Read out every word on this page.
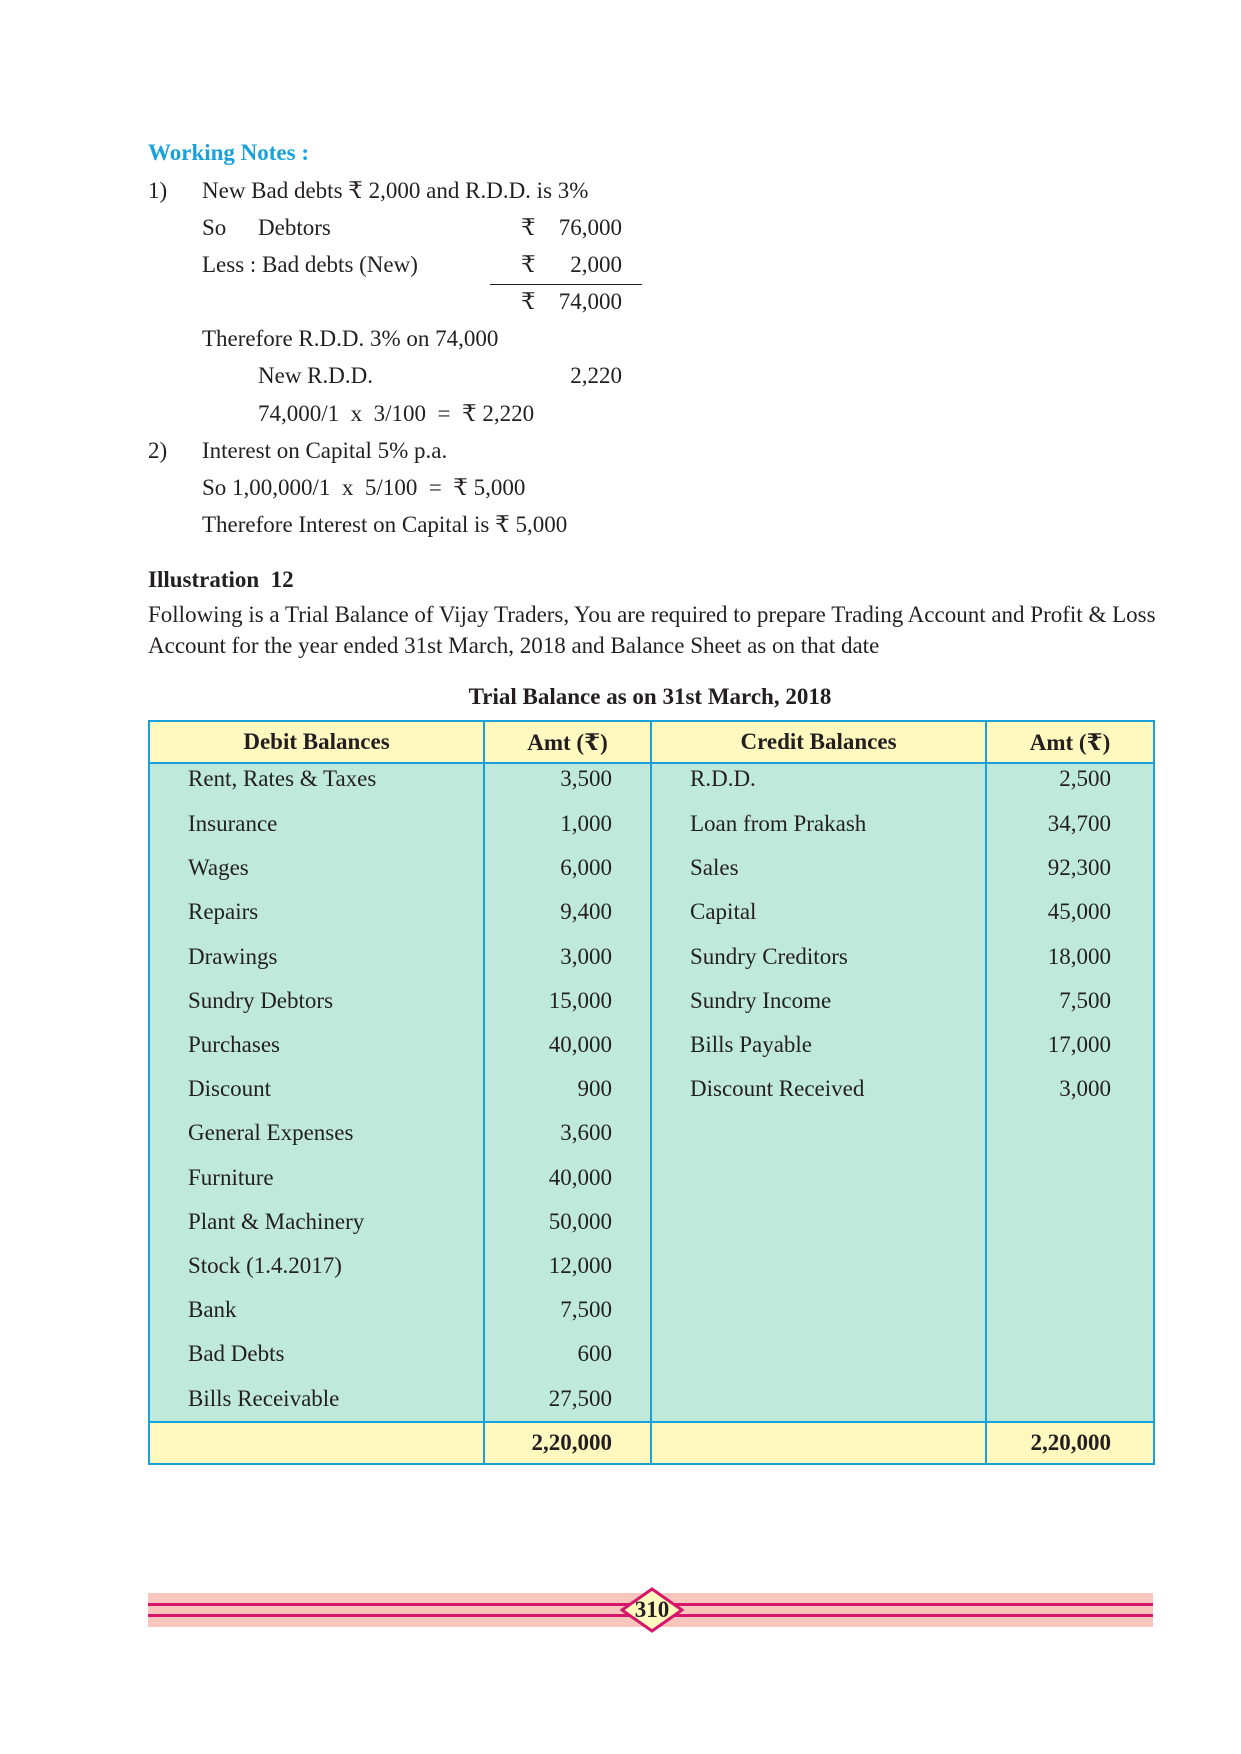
Working Notes :
1) New Bad debts ₹ 2,000 and R.D.D. is 3%
So Debtors	₹	76,000
Less : Bad debts (New)	₹	2,000
₹	74,000
Therefore R.D.D. 3% on 74,000
New R.D.D.	2,220
74,000/1  x  3/100  =  ₹ 2,220
2) Interest on Capital 5% p.a.
So 1,00,000/1  x  5/100  =  ₹ 5,000
Therefore Interest on Capital is ₹ 5,000
Illustration  12
Following is a Trial Balance of Vijay Traders, You are required to prepare Trading Account and Profit & Loss Account for the year ended 31st March, 2018 and Balance Sheet as on that date
Trial Balance as on 31st March, 2018
Debit Balances	Amt (₹)	Credit Balances	Amt (₹)
Rent, Rates & Taxes	3,500	R.D.D.	2,500
Insurance	1,000	Loan from Prakash	34,700
Wages	6,000	Sales	92,300
Repairs	9,400	Capital	45,000
Drawings	3,000	Sundry Creditors	18,000
Sundry Debtors	15,000	Sundry Income	7,500
Purchases	40,000	Bills Payable	17,000
Discount	900	Discount Received	3,000
General Expenses	3,600		
Furniture	40,000		
Plant & Machinery	50,000		
Stock (1.4.2017)	12,000		
Bank	7,500		
Bad Debts	600		
Bills Receivable	27,500		
	2,20,000		2,20,000
310
